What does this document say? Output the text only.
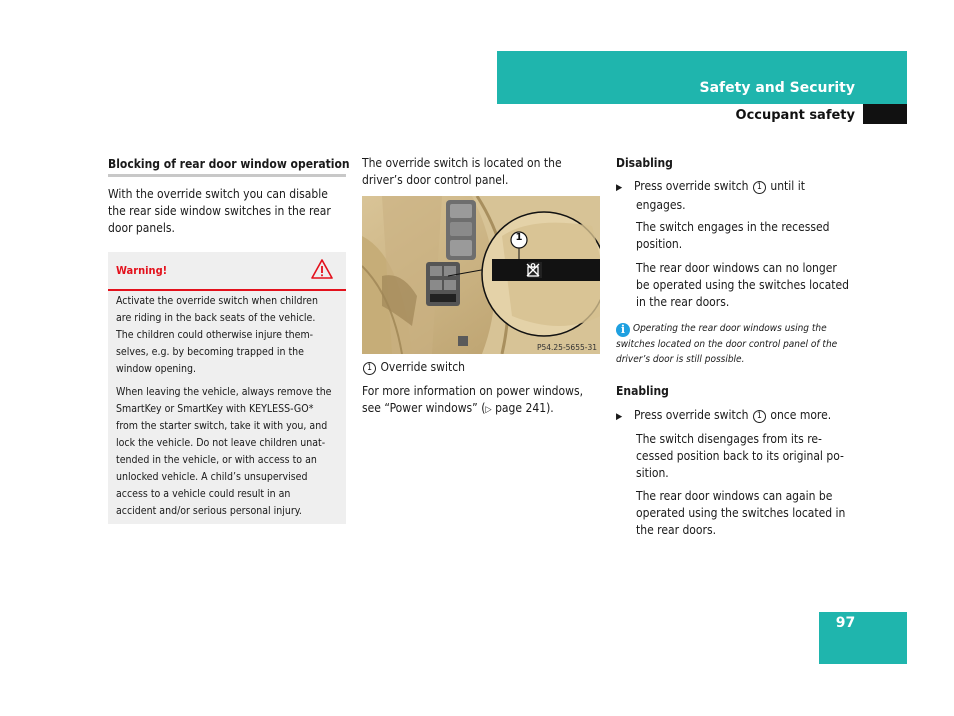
Safety and Security
Occupant safety
Blocking of rear door window operation
With the override switch you can disable
the rear side window switches in the rear
door panels.
Warning!
Activate the override switch when children
are riding in the back seats of the vehicle.
The children could otherwise injure them-
selves, e.g. by becoming trapped in the
window opening.
When leaving the vehicle, always remove the
SmartKey or SmartKey with KEYLESS-GO*
from the starter switch, take it with you, and
lock the vehicle. Do not leave children unat-
tended in the vehicle, or with access to an
unlocked vehicle. A child’s unsupervised
access to a vehicle could result in an
accident and/or serious personal injury.
The override switch is located on the
driver’s door control panel.
1
P54.25-5655-31
1 Override switch
For more information on power windows,
see “Power windows” (▷ page 241).
Disabling
▶ Press override switch 1 until it
engages.
The switch engages in the recessed
position.
The rear door windows can no longer
be operated using the switches located
in the rear doors.
i Operating the rear door windows using the
switches located on the door control panel of the
driver’s door is still possible.
Enabling
▶ Press override switch 1 once more.
The switch disengages from its re-
cessed position back to its original po-
sition.
The rear door windows can again be
operated using the switches located in
the rear doors.
97
